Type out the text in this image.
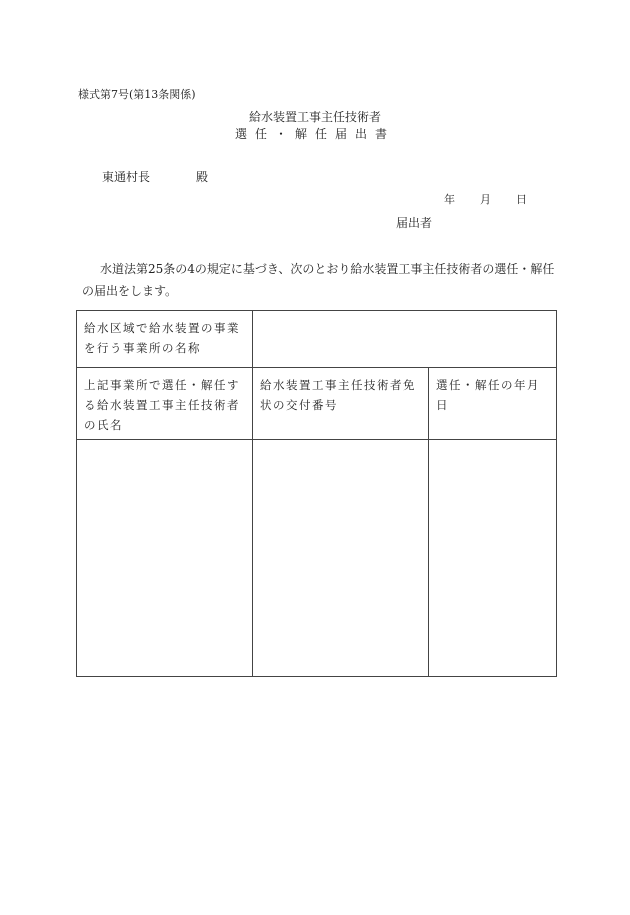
様式第7号(第13条関係)
給水装置工事主任技術者
選任・解任届出書
東通村長	殿
年 月 日
届出者
水道法第25条の4の規定に基づき、次のとおり給水装置工事主任技術者の選任・解任の届出をします。
給水区域で給水装置の事業を行う事業所の名称		
上記事業所で選任・解任する給水装置工事主任技術者の氏名	給水装置工事主任技術者免状の交付番号	選任・解任の年月日
